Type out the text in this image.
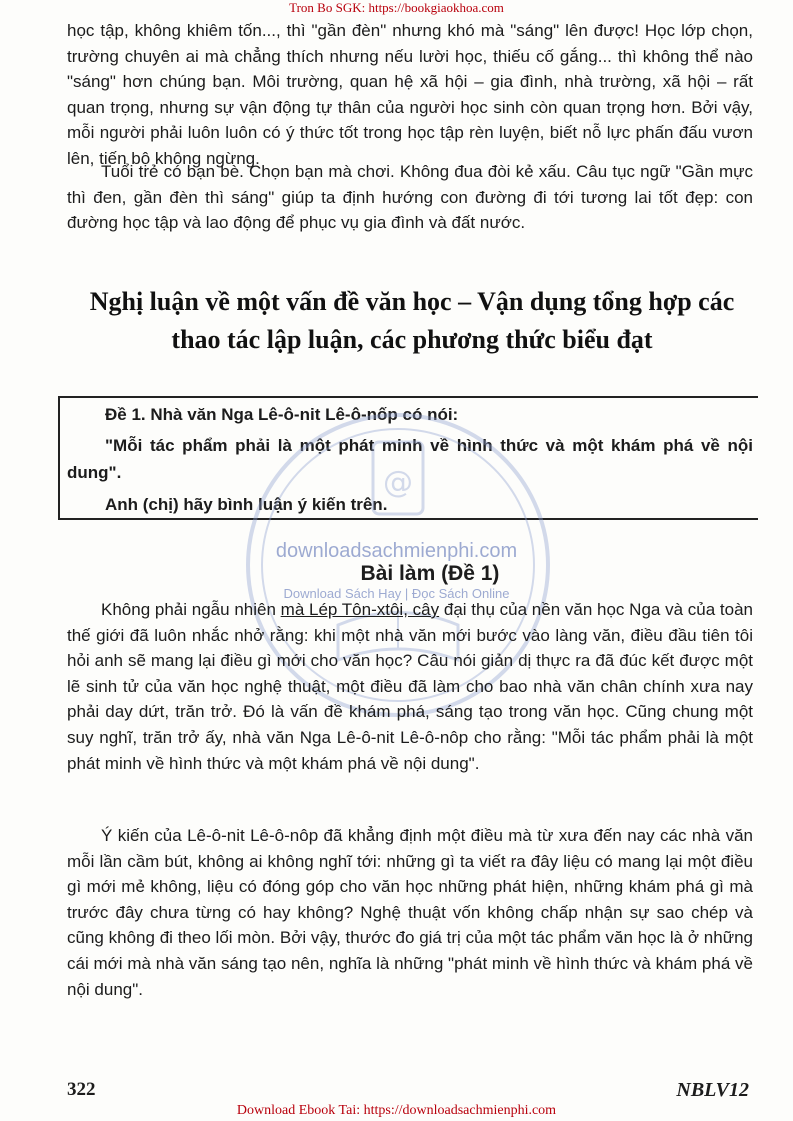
Tron Bo SGK: https://bookgiaokhoa.com

học tập, không khiêm tốn..., thì "gần đèn" nhưng khó mà "sáng" lên được! Học lớp chọn, trường chuyên ai mà chẳng thích nhưng nếu lười học, thiếu cố gắng... thì không thể nào "sáng" hơn chúng bạn. Môi trường, quan hệ xã hội – gia đình, nhà trường, xã hội – rất quan trọng, nhưng sự vận động tự thân của người học sinh còn quan trọng hơn. Bởi vậy, mỗi người phải luôn luôn có ý thức tốt trong học tập rèn luyện, biết nỗ lực phấn đấu vươn lên, tiến bộ không ngừng.

Tuổi trẻ có bạn bè. Chọn bạn mà chơi. Không đua đòi kẻ xấu. Câu tục ngữ "Gần mực thì đen, gần đèn thì sáng" giúp ta định hướng con đường đi tới tương lai tốt đẹp: con đường học tập và lao động để phục vụ gia đình và đất nước.

Nghị luận về một vấn đề văn học – Vận dụng tổng hợp các thao tác lập luận, các phương thức biểu đạt

Đề 1. Nhà văn Nga Lê-ô-nit Lê-ô-nốp có nói:

"Mỗi tác phẩm phải là một phát minh về hình thức và một khám phá về nội dung".

Anh (chị) hãy bình luận ý kiến trên.

@

downloadsachmienphi.com

Bài làm (Đề 1)

Download Sách Hay | Đọc Sách Online

Không phải ngẫu nhiên mà Lép Tôn-xtôi, cây đại thụ của nền văn học Nga và của toàn thế giới đã luôn nhắc nhở rằng: khi một nhà văn mới bước vào làng văn, điều đầu tiên tôi hỏi anh sẽ mang lại điều gì mới cho văn học? Câu nói giản dị thực ra đã đúc kết được một lẽ sinh tử của văn học nghệ thuật, một điều đã làm cho bao nhà văn chân chính xưa nay phải day dứt, trăn trở. Đó là vấn đề khám phá, sáng tạo trong văn học. Cũng chung một suy nghĩ, trăn trở ấy, nhà văn Nga Lê-ô-nit Lê-ô-nôp cho rằng: "Mỗi tác phẩm phải là một phát minh về hình thức và một khám phá về nội dung".

Ý kiến của Lê-ô-nit Lê-ô-nôp đã khẳng định một điều mà từ xưa đến nay các nhà văn mỗi lần cầm bút, không ai không nghĩ tới: những gì ta viết ra đây liệu có mang lại một điều gì mới mẻ không, liệu có đóng góp cho văn học những phát hiện, những khám phá gì mà trước đây chưa từng có hay không? Nghệ thuật vốn không chấp nhận sự sao chép và cũng không đi theo lối mòn. Bởi vậy, thước đo giá trị của một tác phẩm văn học là ở những cái mới mà nhà văn sáng tạo nên, nghĩa là những "phát minh về hình thức và khám phá về nội dung".

322	NBLV12
Download Ebook Tai: https://downloadsachmienphi.com
